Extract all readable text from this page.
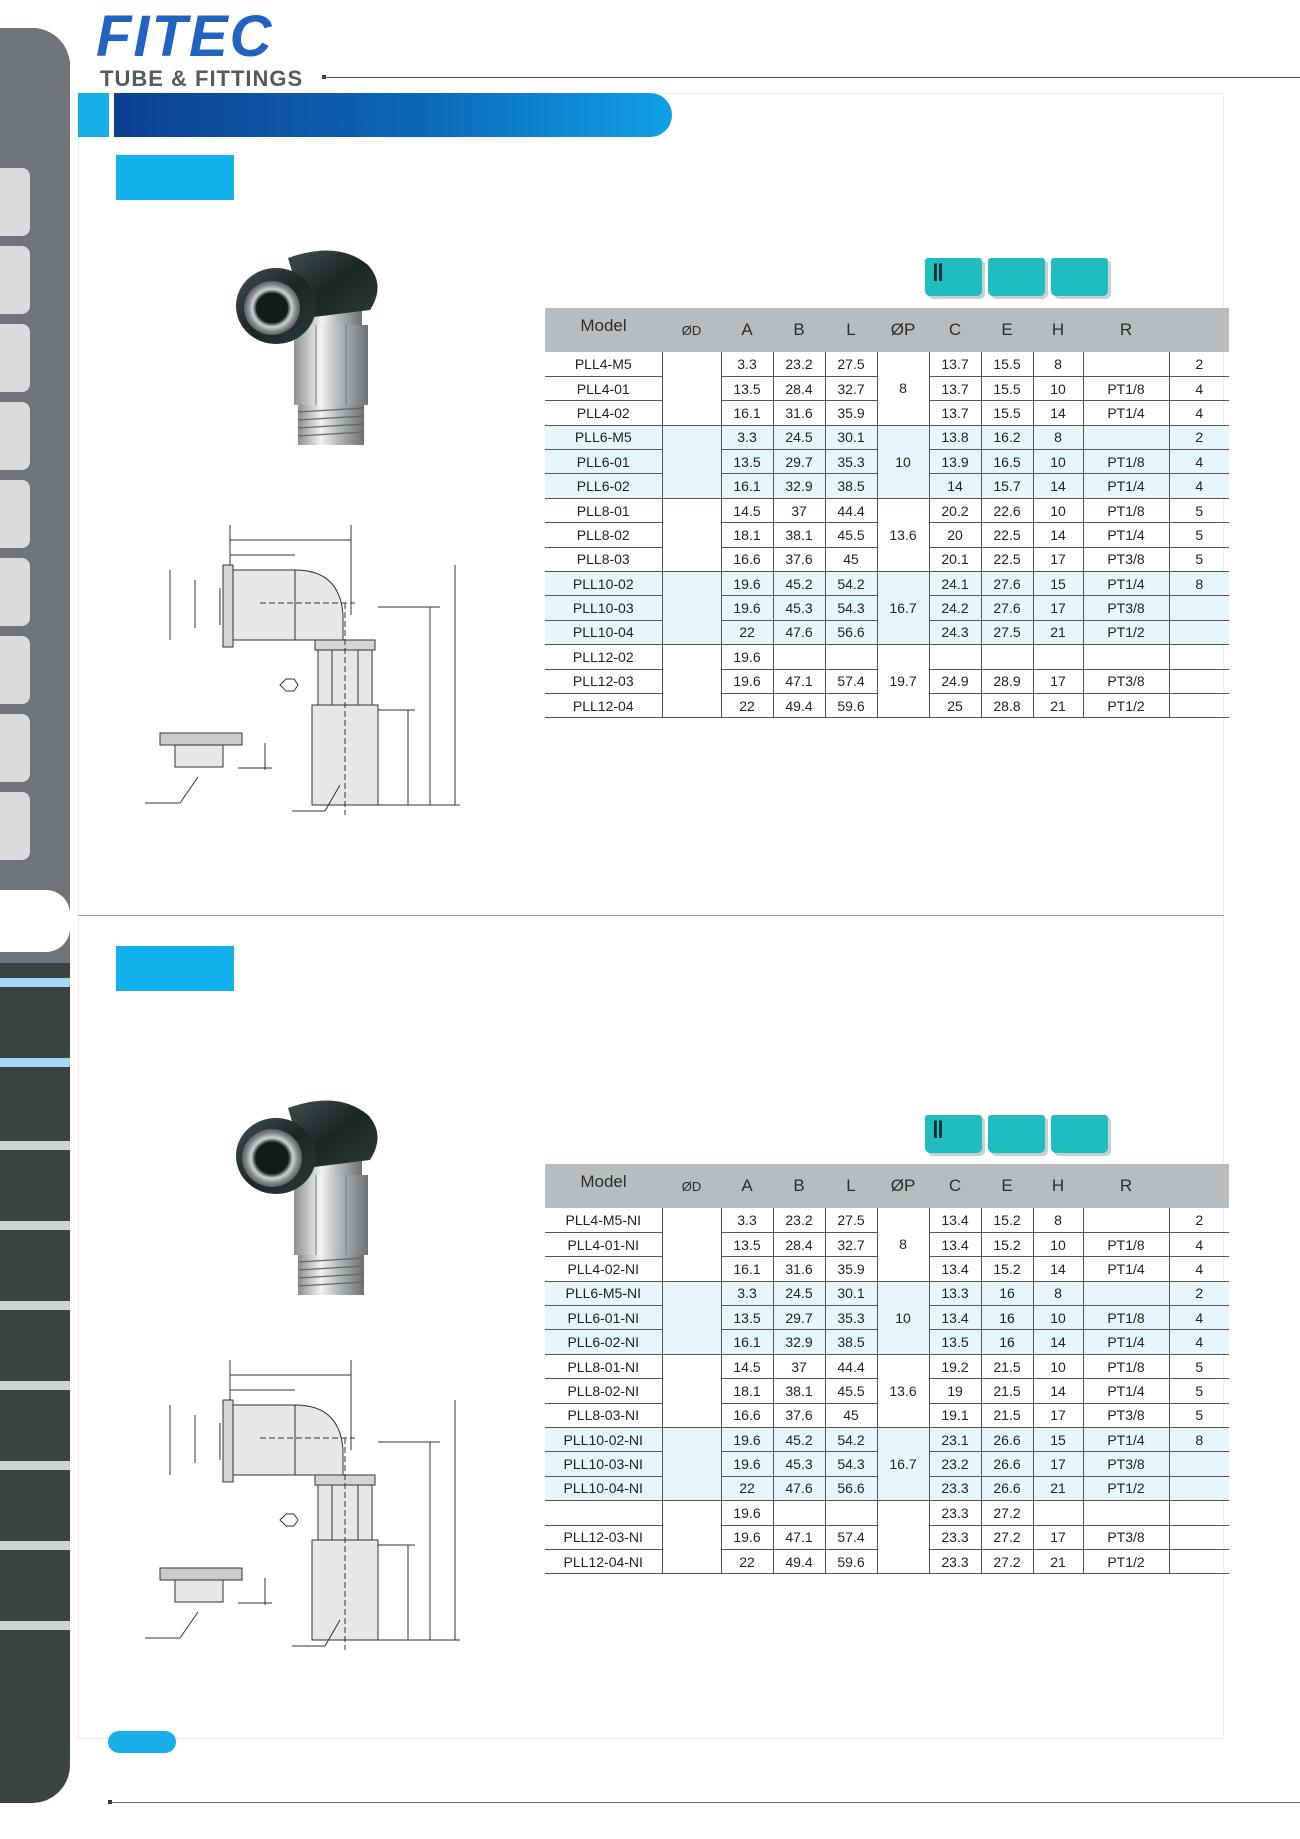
FITEC
TUBE & FITTINGS
‖
Model	ØD	A	B	L	ØP	C	E	H	R	
PLL4-M5		3.3	23.2	27.5	8	13.7	15.5	8		2
PLL4-01		13.5	28.4	32.7		13.7	15.5	10	PT1/8	4
PLL4-02		16.1	31.6	35.9		13.7	15.5	14	PT1/4	4
PLL6-M5		3.3	24.5	30.1	10	13.8	16.2	8		2
PLL6-01		13.5	29.7	35.3		13.9	16.5	10	PT1/8	4
PLL6-02		16.1	32.9	38.5		14	15.7	14	PT1/4	4
PLL8-01		14.5	37	44.4	13.6	20.2	22.6	10	PT1/8	5
PLL8-02		18.1	38.1	45.5		20	22.5	14	PT1/4	5
PLL8-03		16.6	37.6	45		20.1	22.5	17	PT3/8	5
PLL10-02		19.6	45.2	54.2	16.7	24.1	27.6	15	PT1/4	8
PLL10-03		19.6	45.3	54.3		24.2	27.6	17	PT3/8	
PLL10-04		22	47.6	56.6		24.3	27.5	21	PT1/2	
PLL12-02		19.6			19.7					
PLL12-03		19.6	47.1	57.4		24.9	28.9	17	PT3/8	
PLL12-04		22	49.4	59.6		25	28.8	21	PT1/2	
‖
Model	ØD	A	B	L	ØP	C	E	H	R	
PLL4-M5-NI		3.3	23.2	27.5	8	13.4	15.2	8		2
PLL4-01-NI		13.5	28.4	32.7		13.4	15.2	10	PT1/8	4
PLL4-02-NI		16.1	31.6	35.9		13.4	15.2	14	PT1/4	4
PLL6-M5-NI		3.3	24.5	30.1	10	13.3	16	8		2
PLL6-01-NI		13.5	29.7	35.3		13.4	16	10	PT1/8	4
PLL6-02-NI		16.1	32.9	38.5		13.5	16	14	PT1/4	4
PLL8-01-NI		14.5	37	44.4	13.6	19.2	21.5	10	PT1/8	5
PLL8-02-NI		18.1	38.1	45.5		19	21.5	14	PT1/4	5
PLL8-03-NI		16.6	37.6	45		19.1	21.5	17	PT3/8	5
PLL10-02-NI		19.6	45.2	54.2	16.7	23.1	26.6	15	PT1/4	8
PLL10-03-NI		19.6	45.3	54.3		23.2	26.6	17	PT3/8	
PLL10-04-NI		22	47.6	56.6		23.3	26.6	21	PT1/2	
		19.6				23.3	27.2			
PLL12-03-NI		19.6	47.1	57.4		23.3	27.2	17	PT3/8	
PLL12-04-NI		22	49.4	59.6		23.3	27.2	21	PT1/2	
